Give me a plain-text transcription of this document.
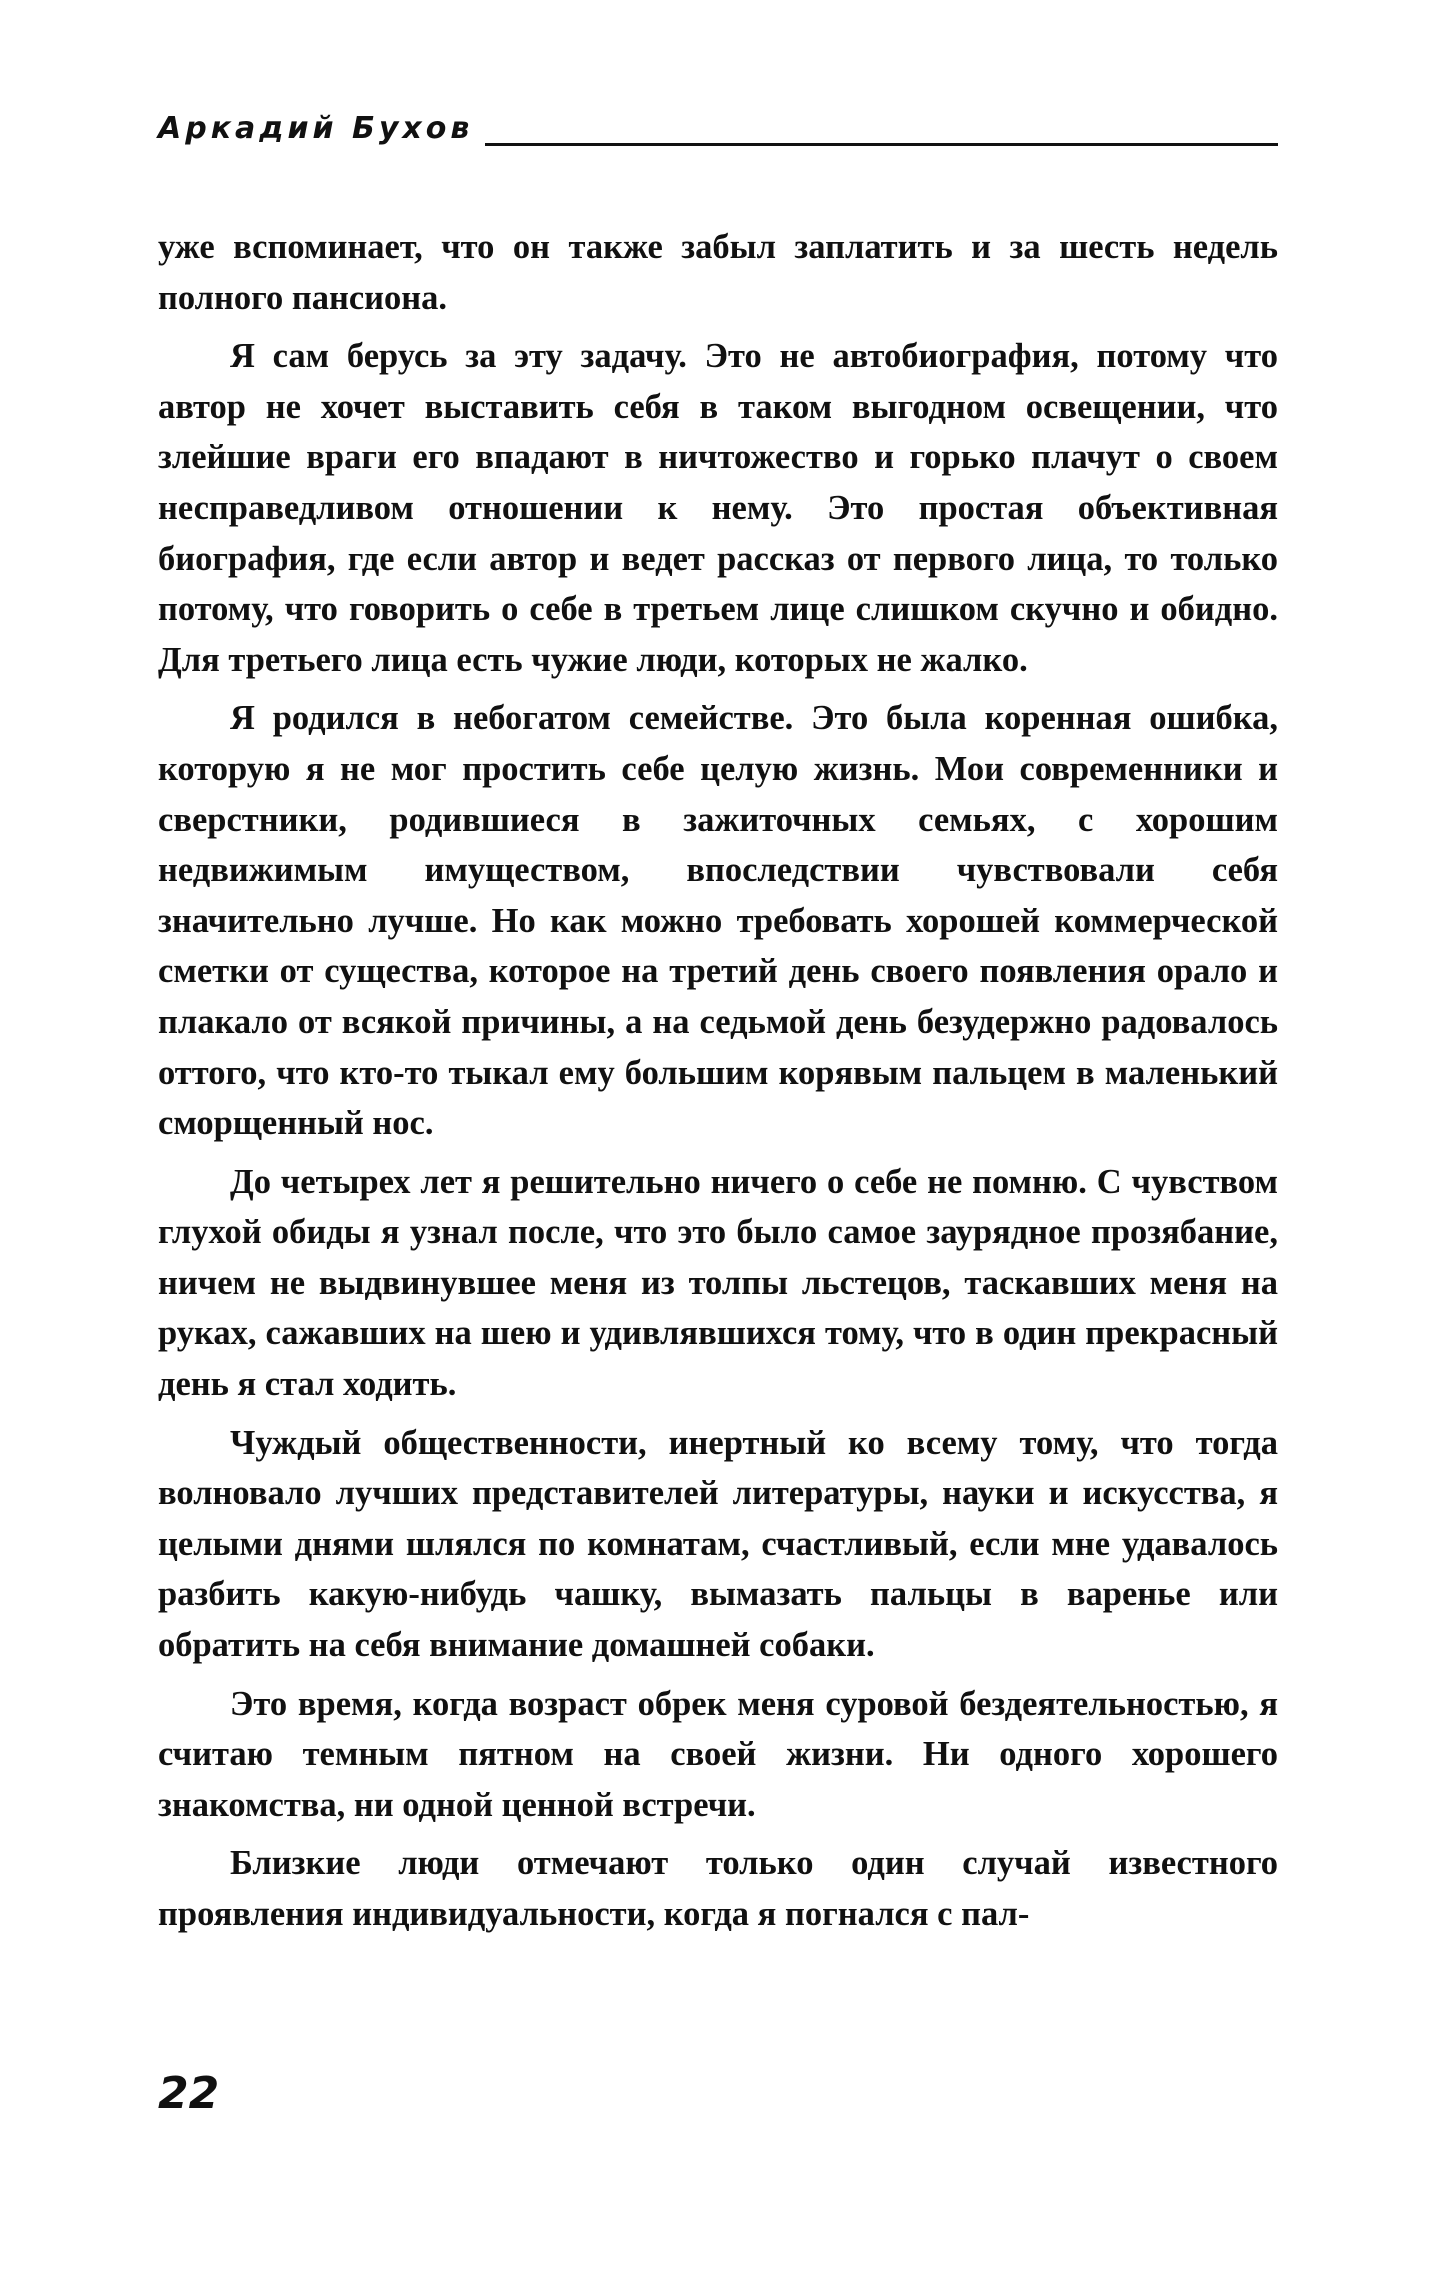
Аркадий Бухов

уже вспоминает, что он также забыл заплатить и за шесть недель полного пансиона.

Я сам берусь за эту задачу. Это не автобиография, потому что автор не хочет выставить себя в таком выгодном освещении, что злейшие враги его впадают в ничтожество и горько плачут о своем несправедливом отношении к нему. Это простая объективная биография, где если автор и ведет рассказ от первого лица, то только потому, что говорить о себе в третьем лице слишком скучно и обидно. Для третьего лица есть чужие люди, которых не жалко.

Я родился в небогатом семействе. Это была коренная ошибка, которую я не мог простить себе целую жизнь. Мои современники и сверстники, родившиеся в зажиточных семьях, с хорошим недвижимым имуществом, впоследствии чувствовали себя значительно лучше. Но как можно требовать хорошей коммерческой сметки от существа, которое на третий день своего появления орало и плакало от всякой причины, а на седьмой день безудержно радовалось оттого, что кто-то тыкал ему большим корявым пальцем в маленький сморщенный нос.

До четырех лет я решительно ничего о себе не помню. С чувством глухой обиды я узнал после, что это было самое заурядное прозябание, ничем не выдвинувшее меня из толпы льстецов, таскавших меня на руках, сажавших на шею и удивлявшихся тому, что в один прекрасный день я стал ходить.

Чуждый общественности, инертный ко всему тому, что тогда волновало лучших представителей литературы, науки и искусства, я целыми днями шлялся по комнатам, счастливый, если мне удавалось разбить какую-нибудь чашку, вымазать пальцы в варенье или обратить на себя внимание домашней собаки.

Это время, когда возраст обрек меня суровой бездеятельностью, я считаю темным пятном на своей жизни. Ни одного хорошего знакомства, ни одной ценной встречи.

Близкие люди отмечают только один случай известного проявления индивидуальности, когда я погнался с пал-

22
